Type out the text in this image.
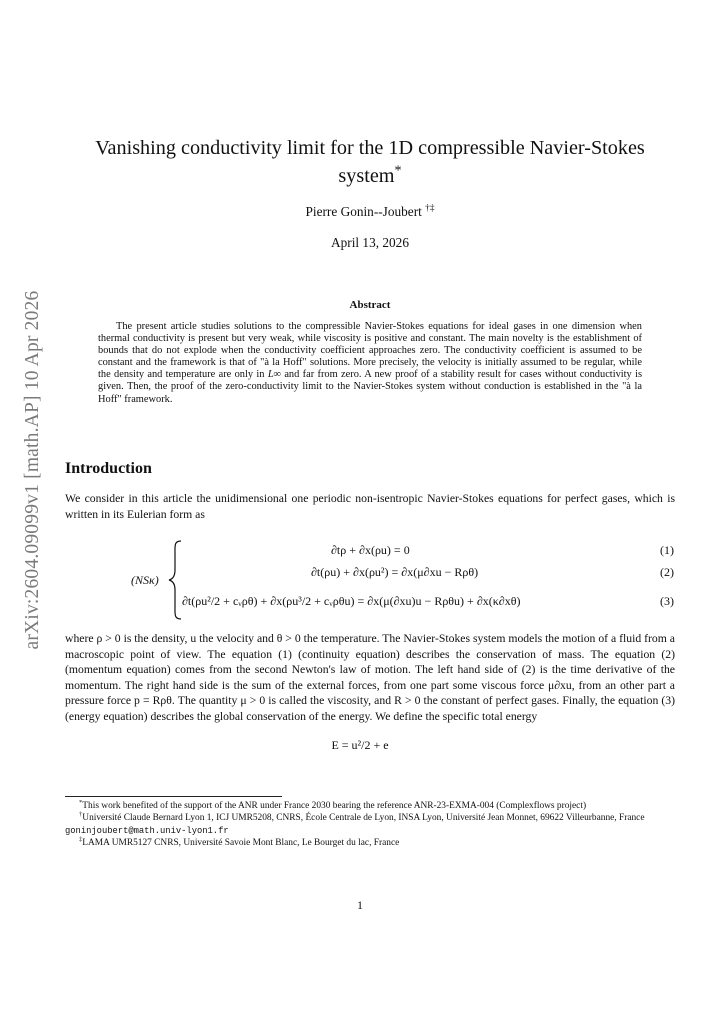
arXiv:2604.09099v1 [math.AP] 10 Apr 2026
Vanishing conductivity limit for the 1D compressible Navier-Stokes system*
Pierre Gonin--Joubert †‡
April 13, 2026
Abstract
The present article studies solutions to the compressible Navier-Stokes equations for ideal gases in one dimension when thermal conductivity is present but very weak, while viscosity is positive and constant. The main novelty is the establishment of bounds that do not explode when the conductivity coefficient approaches zero. The conductivity coefficient is assumed to be constant and the framework is that of "à la Hoff" solutions. More precisely, the velocity is initially assumed to be regular, while the density and temperature are only in L∞ and far from zero. A new proof of a stability result for cases without conductivity is given. Then, the proof of the zero-conductivity limit to the Navier-Stokes system without conduction is established in the "à la Hoff" framework.
Introduction
We consider in this article the unidimensional one periodic non-isentropic Navier-Stokes equations for perfect gases, which is written in its Eulerian form as
(NSκ)
∂tρ + ∂x(ρu) = 0	(1)
∂t(ρu) + ∂x(ρu²) = ∂x(μ∂xu − Rρθ)	(2)
∂t(ρu²/2 + cᵥρθ) + ∂x(ρu³/2 + cᵥρθu) = ∂x(μ(∂xu)u − Rρθu) + ∂x(κ∂xθ)	(3)
where ρ > 0 is the density, u the velocity and θ > 0 the temperature. The Navier-Stokes system models the motion of a fluid from a macroscopic point of view. The equation (1) (continuity equation) describes the conservation of mass. The equation (2) (momentum equation) comes from the second Newton's law of motion. The left hand side of (2) is the time derivative of the momentum. The right hand side is the sum of the external forces, from one part some viscous force μ∂xu, from an other part a pressure force p = Rρθ. The quantity μ > 0 is called the viscosity, and R > 0 the constant of perfect gases. Finally, the equation (3) (energy equation) describes the global conservation of the energy. We define the specific total energy
E = u²/2 + e
*This work benefited of the support of the ANR under France 2030 bearing the reference ANR-23-EXMA-004 (Complexflows project)
†Université Claude Bernard Lyon 1, ICJ UMR5208, CNRS, École Centrale de Lyon, INSA Lyon, Université Jean Monnet, 69622 Villeurbanne, France goninjoubert@math.univ-lyon1.fr
‡LAMA UMR5127 CNRS, Université Savoie Mont Blanc, Le Bourget du lac, France
1
